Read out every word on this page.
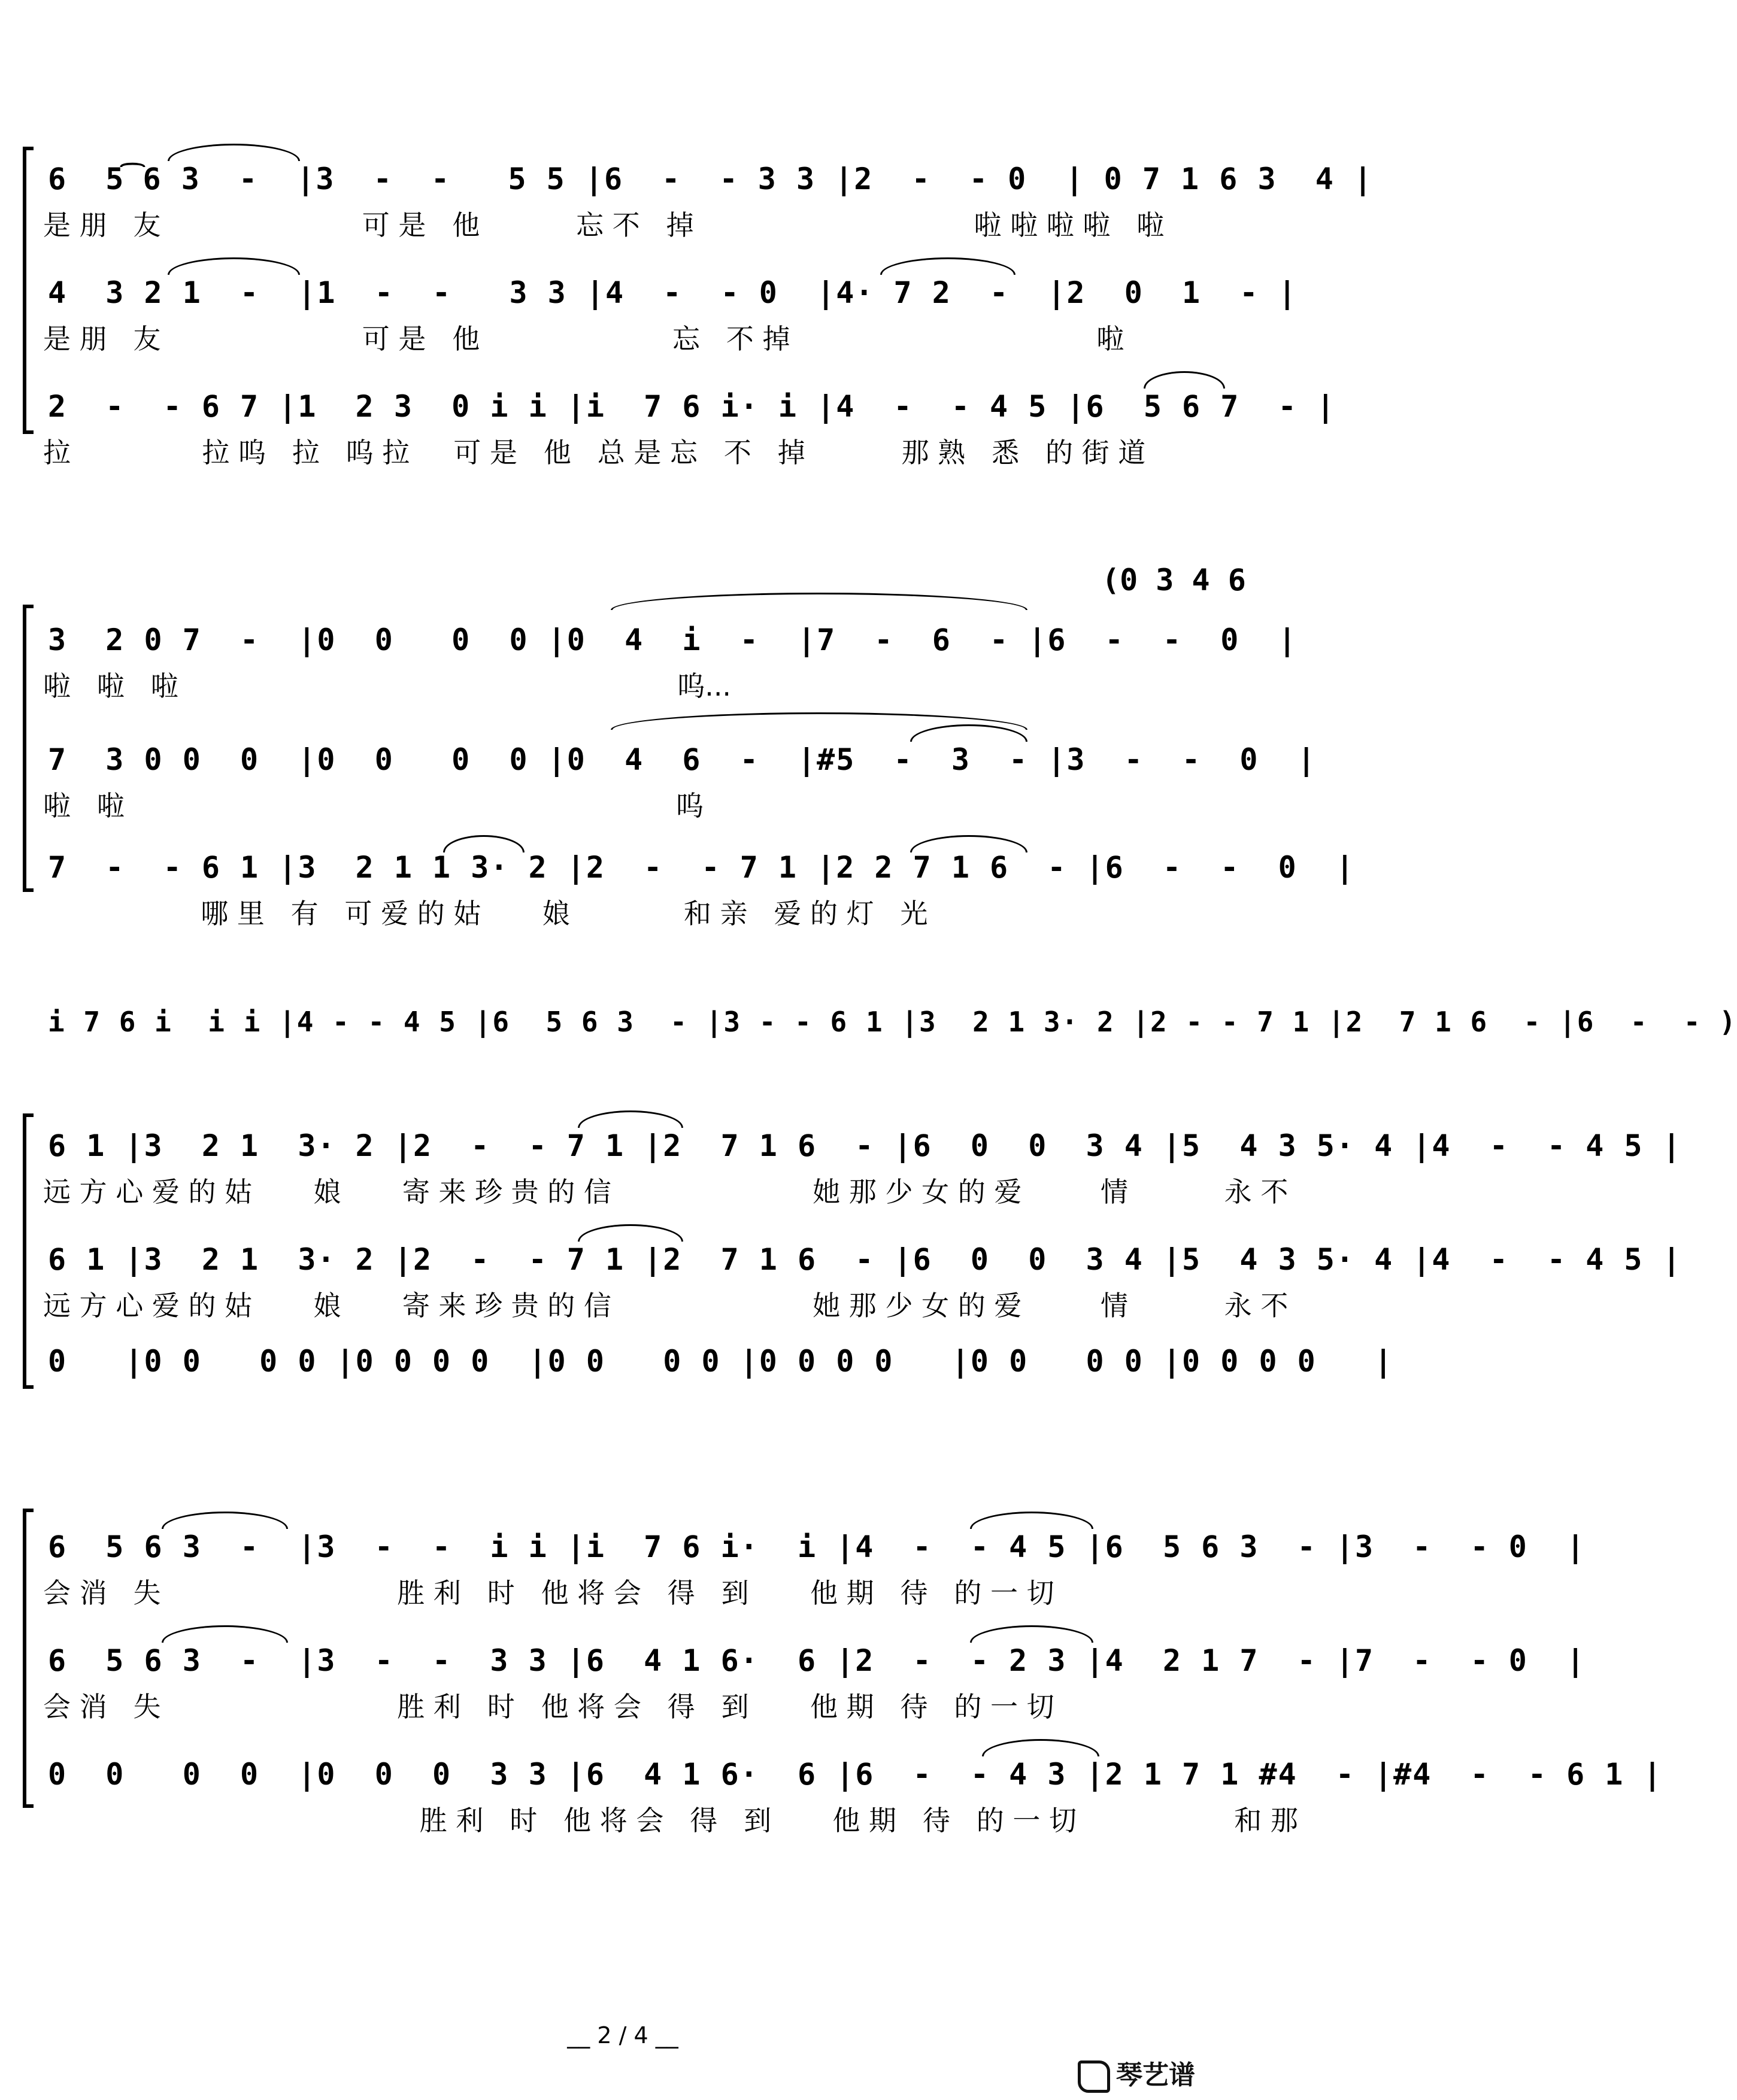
6  5͡6 3  -  |3  -  -   5 5 |6  -  - 3 3 |2  -  - 0  | 0 7 1 6 3  4 |
是 朋   友                       可 是   他           忘 不   掉                                啦 啦 啦 啦   啦
4  3 2 1  -  |1  -  -   3 3 |4  -  - 0  |4· 7 2  -  |2  0  1  - |
是 朋   友                       可 是   他                      忘   不 掉                                   啦
2  -  - 6 7 |1  2 3  0 i i |i  7 6 i· i |4  -  - 4 5 |6  5 6 7  - |
拉               拉 呜   拉   呜 拉     可 是   他   总 是 忘   不   掉           那 熟   悉   的 街 道
(0 3 4 6
3  2 0 7  -  |0  0   0  0 |0  4  i  -  |7  -  6  - |6  -  -  0  |
啦   啦   啦                                                         呜...
7  3 0 0  0  |0  0   0  0 |0  4  6  -  |#5  -  3  - |3  -  -  0  |
啦   啦                                                               呜
7  -  - 6 1 |3  2 1 1 3· 2 |2  -  - 7 1 |2 2 7 1 6  - |6  -  -  0  |
哪 里   有   可 爱 的 姑       娘             和 亲   爱 的 灯   光
i 7 6 i  i i |4 - - 4 5 |6  5 6 3  - |3 - - 6 1 |3  2 1 3· 2 |2 - - 7 1 |2  7 1 6  - |6  -  - )
6 1 |3  2 1  3· 2 |2  -  - 7 1 |2  7 1 6  - |6  0  0  3 4 |5  4 3 5· 4 |4  -  - 4 5 |
远 方 心 爱 的 姑       娘       寄 来 珍 贵 的 信                       她 那 少 女 的 爱         情           永 不
6 1 |3  2 1  3· 2 |2  -  - 7 1 |2  7 1 6  - |6  0  0  3 4 |5  4 3 5· 4 |4  -  - 4 5 |
远 方 心 爱 的 姑       娘       寄 来 珍 贵 的 信                       她 那 少 女 的 爱         情           永 不
0   |0 0   0 0 |0 0 0 0  |0 0   0 0 |0 0 0 0   |0 0   0 0 |0 0 0 0   |
6  5 6 3  -  |3  -  -  i i |i  7 6 i·  i |4  -  - 4 5 |6  5 6 3  - |3  -  - 0  |
会 消   失                           胜 利   时   他 将 会   得   到       他 期   待   的 一 切
6  5 6 3  -  |3  -  -  3 3 |6  4 1 6·  6 |2  -  - 2 3 |4  2 1 7  - |7  -  - 0  |
会 消   失                           胜 利   时   他 将 会   得   到       他 期   待   的 一 切
0  0   0  0  |0  0  0  3 3 |6  4 1 6·  6 |6  -  - 4 3 |2 1 7 1 #4  - |#4  -  - 6 1 |
胜 利   时   他 将 会   得   到       他 期   待   的 一 切                  和 那
__ 2 / 4 __
琴艺谱
